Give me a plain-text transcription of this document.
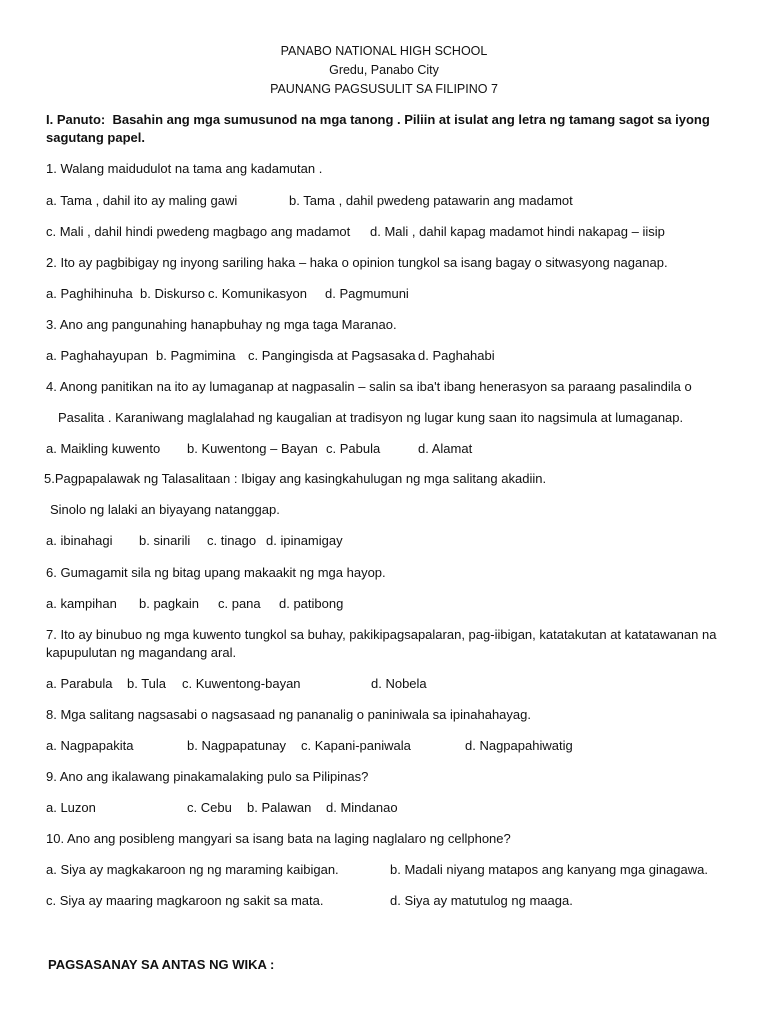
PANABO NATIONAL HIGH SCHOOL
Gredu, Panabo City
PAUNANG PAGSUSULIT SA FILIPINO 7
I. Panuto: Basahin ang mga sumusunod na mga tanong . Piliin at isulat ang letra ng tamang sagot sa iyong sagutang papel.
1. Walang maidudulot na tama ang kadamutan .
a. Tama , dahil ito ay maling gawi	b. Tama , dahil pwedeng patawarin ang madamot
c. Mali , dahil hindi pwedeng magbago ang madamot d. Mali , dahil kapag madamot hindi nakapag – iisip
2. Ito ay pagbibigay ng inyong sariling haka – haka o opinion tungkol sa isang bagay o sitwasyong naganap.
a. Paghihinuha b. Diskurso c. Komunikasyon d. Pagmumuni
3. Ano ang pangunahing hanapbuhay ng mga taga Maranao.
a. Paghahayupan b. Pagmimina c. Pangingisda at Pagsasaka d. Paghahabi
4. Anong panitikan na ito ay lumaganap at nagpasalin – salin sa iba't ibang henerasyon sa paraang pasalindila o
Pasalita . Karaniwang maglalahad ng kaugalian at tradisyon ng lugar kung saan ito nagsimula at lumaganap.
a. Maikling kuwento b. Kuwentong – Bayan c. Pabula	d. Alamat
5.Pagpapalawak ng Talasalitaan : Ibigay ang kasingkahulugan ng mga salitang akadiin.
Sinolo ng lalaki an biyayang natanggap.
a. ibinahagi b. sinarili c. tinago d. ipinamigay
6. Gumagamit sila ng bitag upang makaakit ng mga hayop.
a. kampihan b. pagkain c. pana d. patibong
7. Ito ay binubuo ng mga kuwento tungkol sa buhay, pakikipagsapalaran, pag-iibigan, katatakutan at katatawanan na kapupulutan ng magandang aral.
a. Parabula b. Tula c. Kuwentong-bayan	d. Nobela
8. Mga salitang nagsasabi o nagsasaad ng pananalig o paniniwala sa ipinahahayag.
a. Nagpapakita	b. Nagpapatunay c. Kapani-paniwala	d. Nagpapahiwatig
9. Ano ang ikalawang pinakamalaking pulo sa Pilipinas?
a. Luzon	c. Cebu b. Palawan d. Mindanao
10. Ano ang posibleng mangyari sa isang bata na laging naglalaro ng cellphone?
a. Siya ay magkakaroon ng ng maraming kaibigan.	b. Madali niyang matapos ang kanyang mga ginagawa.
c. Siya ay maaring magkaroon ng sakit sa mata.	d. Siya ay matutulog ng maaga.
PAGSASANAY SA ANTAS NG WIKA :
